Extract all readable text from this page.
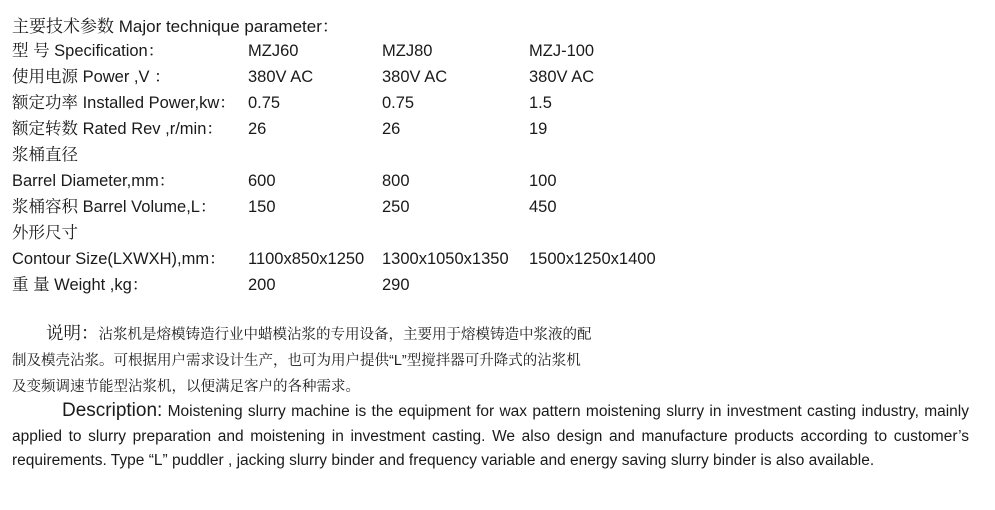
主要技术参数 Major technique parameter：
型 号 Specification：	MZJ60	MZJ80	MZJ-100
使用电源 Power ,V ：	380V AC	380V AC	380V AC
额定功率 Installed Power,kw：	0.75	0.75	1.5
额定转数 Rated Rev ,r/min：	26	26	19
浆桶直径			
Barrel Diameter,mm：	600	800	100
浆桶容积 Barrel Volume,L：	150	250	450
外形尺寸			
Contour Size(LXWXH),mm：	1100x850x1250	1300x1050x1350	1500x1250x1400
重 量 Weight ,kg：	200	290	
说明：沾浆机是熔模铸造行业中蜡模沾浆的专用设备，主要用于熔模铸造中浆液的配
制及模壳沾浆。可根据用户需求设计生产，也可为用户提供“L”型搅拌器可升降式的沾浆机
及变频调速节能型沾浆机，以便满足客户的各种需求。
Description: Moistening slurry machine is the equipment for wax pattern moistening slurry in investment casting industry, mainly applied to slurry preparation and moistening in investment casting. We also design and manufacture products according to customer’s requirements. Type “L” puddler , jacking slurry binder and frequency variable and energy saving slurry binder is also available.
